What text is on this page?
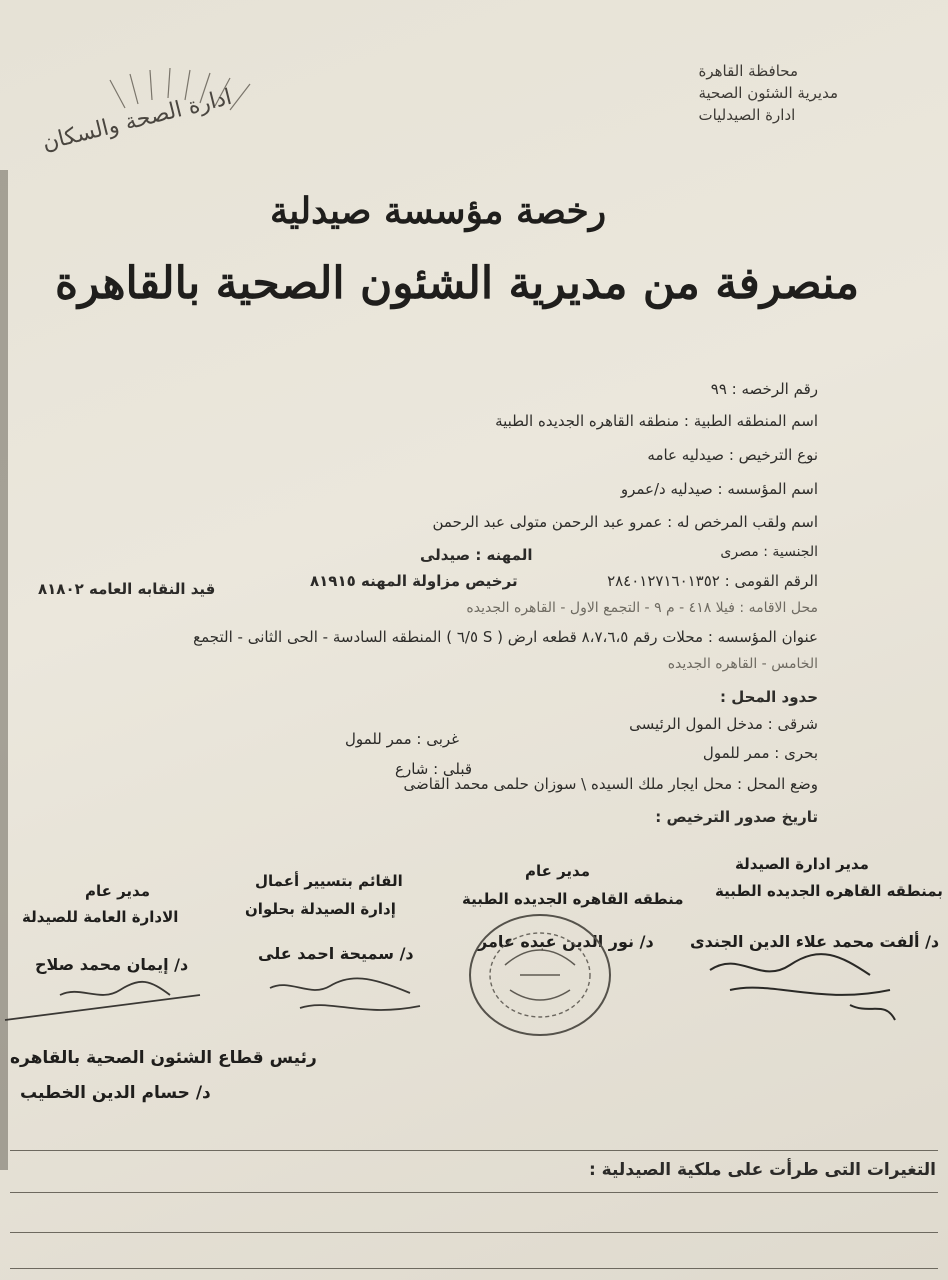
ادارة الصحة والسكان
محافظة القاهرة
مديرية الشئون الصحية
ادارة الصيدليات
رخصة مؤسسة صيدلية
منصرفة من مديرية الشئون الصحية بالقاهرة
رقم الرخصه : ٩٩
اسم المنطقه الطبية : منطقه القاهره الجديده الطبية
نوع الترخيص : صيدليه عامه
اسم المؤسسه : صيدليه د/عمرو
اسم ولقب المرخص له : عمرو عبد الرحمن متولى عبد الرحمن
الجنسية : مصرى
المهنه : صيدلى
الرقم القومى : ٢٨٤٠١٢٧١٦٠١٣٥٢
ترخيص مزاولة المهنه ٨١٩١٥
قيد النقابه العامه ٨١٨٠٢
محل الاقامه : فيلا ٤١٨ - م ٩ - التجمع الاول - القاهره الجديده
عنوان المؤسسه : محلات رقم ٨،٧،٦،٥ قطعه ارض ( S ٦/٥ ) المنطقه السادسة - الحى الثانى - التجمع
الخامس - القاهره الجديده
حدود المحل :
شرقى : مدخل المول الرئيسى
غربى : ممر للمول
بحرى : ممر للمول
قبلى : شارع
وضع المحل : محل ايجار ملك السيده \ سوزان حلمى محمد القاضى
تاريخ صدور الترخيص :
مدير ادارة الصيدلة
بمنطقه القاهره الجديده الطبية
د/ ألفت محمد علاء الدين الجندى
مدير عام
منطقه القاهره الجديده الطبية
د/ نور الدين عبده عامر
القائم بتسيير أعمال
إدارة الصيدلة بحلوان
د/ سميحة احمد على
مدير عام
الادارة العامة للصيدلة
د/ إيمان محمد صلاح
رئيس قطاع الشئون الصحية بالقاهره
د/ حسام الدين الخطيب
التغيرات التى طرأت على ملكية الصيدلية :
